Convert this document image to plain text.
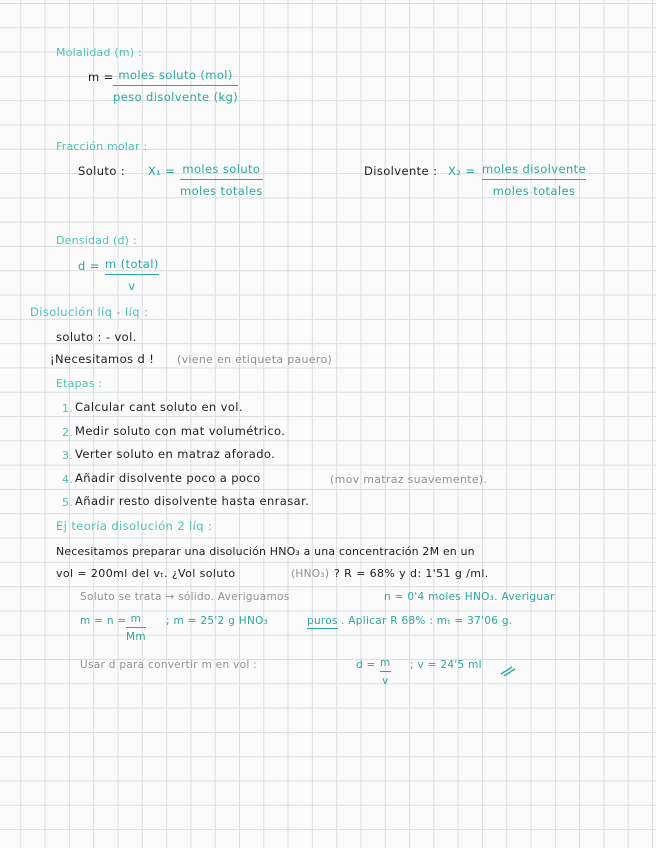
Molalidad (m) :
m = moles soluto (mol)
peso disolvente (kg)
Fracción molar :
Soluto : X₁ = moles soluto
moles totales
Disolvente : X₂ = moles disolvente
moles totales
Densidad (d) :
d = m (total)
v
Disolución líq - líq :
soluto : - vol.
¡Necesitamos d ! (viene en etiqueta pauero)
Etapas :
1. Calcular cant soluto en vol.
2. Medir soluto con mat volumétrico.
3. Verter soluto en matraz aforado.
4. Añadir disolvente poco a poco	(mov matraz suavemente).
5. Añadir resto disolvente hasta enrasar.
Ej teoría disolución 2 líq :
Necesitamos preparar una disolución HNO₃ a una concentración 2M en un
vol = 200ml del vₜ. ¿Vol soluto	(HNO₃) ? R = 68% y d: 1'51 g /ml.
Soluto se trata → sólido. Averiguamos	n = 0'4 moles HNO₃. Averiguar
m = n = m
Mm
; m = 25'2 g HNO₃	puros . Aplicar R 68% : mₜ = 37'06 g.
Usar d para convertir m en vol :	d = m
v
; v = 24'5 ml
